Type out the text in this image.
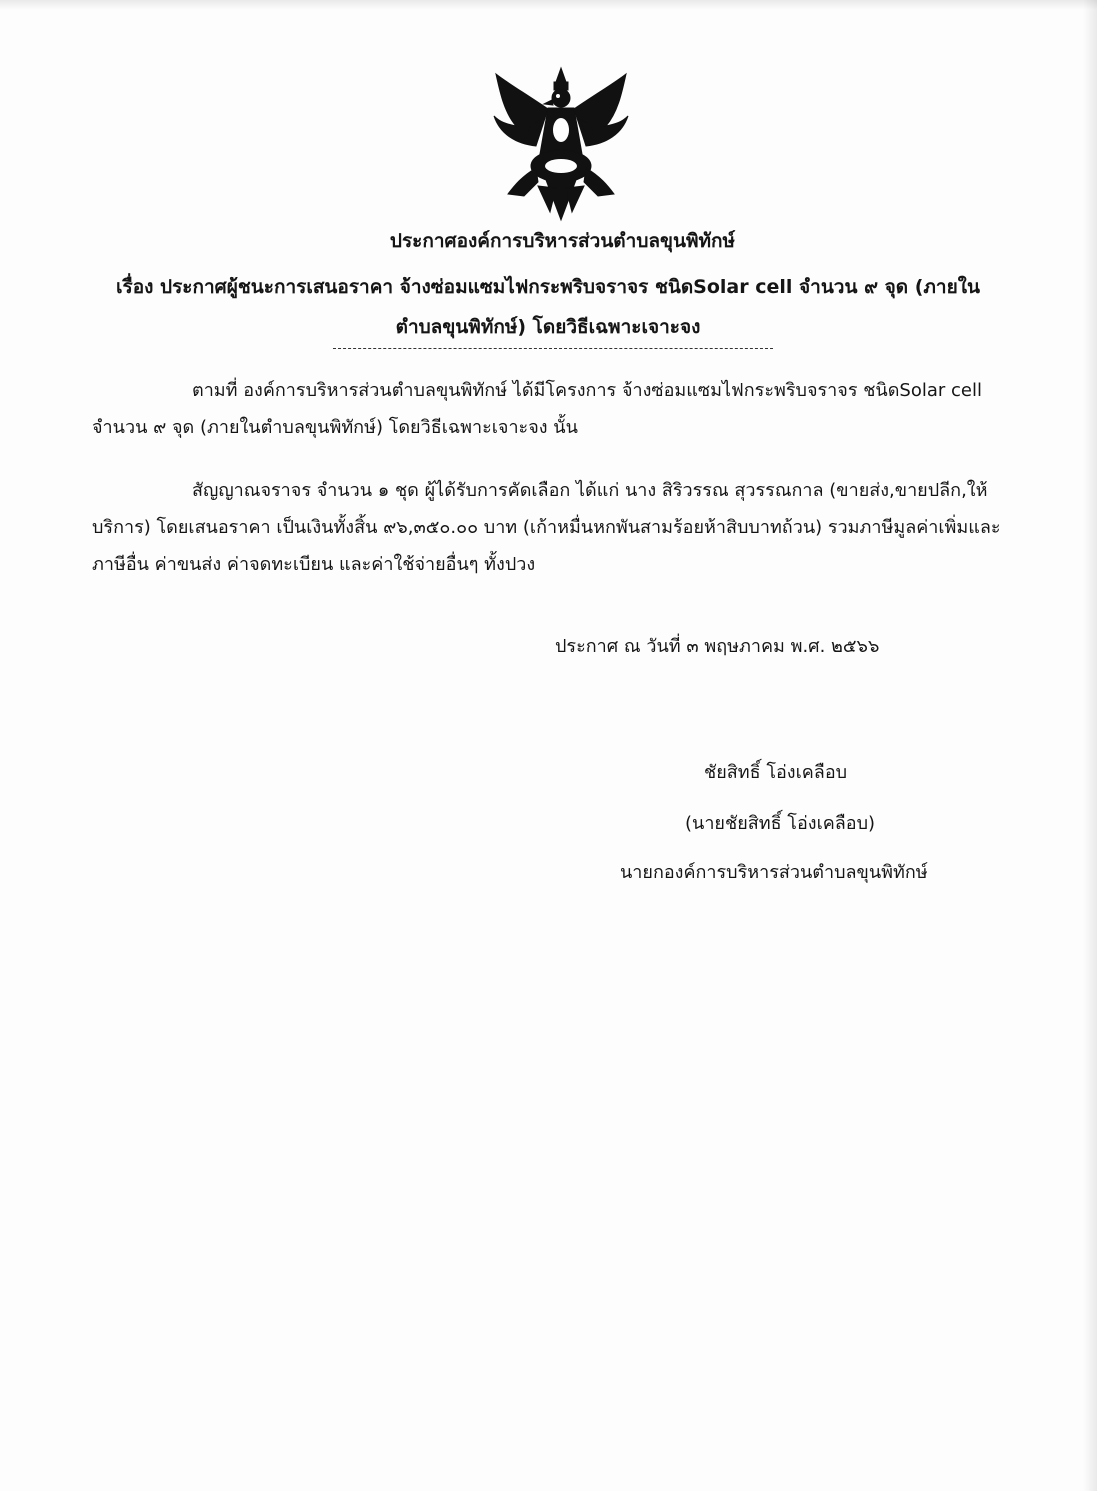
ประกาศองค์การบริหารส่วนตำบลขุนพิทักษ์
เรื่อง ประกาศผู้ชนะการเสนอราคา จ้างซ่อมแซมไฟกระพริบจราจร ชนิดSolar cell จำนวน ๙ จุด (ภายในตำบลขุนพิทักษ์) โดยวิธีเฉพาะเจาะจง
ตามที่ องค์การบริหารส่วนตำบลขุนพิทักษ์ ได้มีโครงการ จ้างซ่อมแซมไฟกระพริบจราจร ชนิดSolar cell จำนวน ๙ จุด (ภายในตำบลขุนพิทักษ์) โดยวิธีเฉพาะเจาะจง นั้น
สัญญาณจราจร จำนวน ๑ ชุด ผู้ได้รับการคัดเลือก ได้แก่ นาง สิริวรรณ สุวรรณกาล (ขายส่ง,ขายปลีก,ให้บริการ) โดยเสนอราคา เป็นเงินทั้งสิ้น ๙๖,๓๕๐.๐๐ บาท (เก้าหมื่นหกพันสามร้อยห้าสิบบาทถ้วน) รวมภาษีมูลค่าเพิ่มและภาษีอื่น ค่าขนส่ง ค่าจดทะเบียน และค่าใช้จ่ายอื่นๆ ทั้งปวง
ประกาศ ณ วันที่ ๓ พฤษภาคม พ.ศ. ๒๕๖๖
ชัยสิทธิ์ โอ่งเคลือบ
(นายชัยสิทธิ์ โอ่งเคลือบ)
นายกองค์การบริหารส่วนตำบลขุนพิทักษ์
